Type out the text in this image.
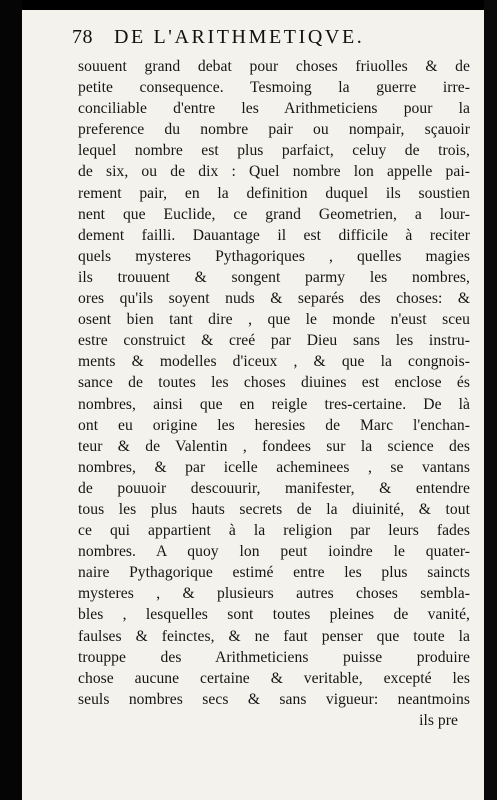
78 DE L'ARITHMETIQVE.
souuent grand debat pour choses friuolles & de
petite consequence. Tesmoing la guerre irre-
conciliable d'entre les Arithmeticiens pour la
preference du nombre pair ou nompair, sçauoir
lequel nombre est plus parfaict, celuy de trois,
de six, ou de dix : Quel nombre lon appelle pai-
rement pair, en la definition duquel ils soustien
nent que Euclide, ce grand Geometrien, a lour-
dement failli. Dauantage il est difficile à reciter
quels mysteres Pythagoriques , quelles magies
ils trouuent & songent parmy les nombres,
ores qu'ils soyent nuds & separés des choses: &
osent bien tant dire , que le monde n'eust sceu
estre construict & creé par Dieu sans les instru-
ments & modelles d'iceux , & que la congnois-
sance de toutes les choses diuines est enclose és
nombres, ainsi que en reigle tres-certaine. De là
ont eu origine les heresies de Marc l'enchan-
teur & de Valentin , fondees sur la science des
nombres, & par icelle acheminees , se vantans
de pouuoir descouurir, manifester, & entendre
tous les plus hauts secrets de la diuinité, & tout
ce qui appartient à la religion par leurs fades
nombres. A quoy lon peut ioindre le quater-
naire Pythagorique estimé entre les plus saincts
mysteres , & plusieurs autres choses sembla-
bles , lesquelles sont toutes pleines de vanité,
faulses & feinctes, & ne faut penser que toute la
trouppe des Arithmeticiens puisse produire
chose aucune certaine & veritable, excepté les
seuls nombres secs & sans vigueur: neantmoins
ils pre
